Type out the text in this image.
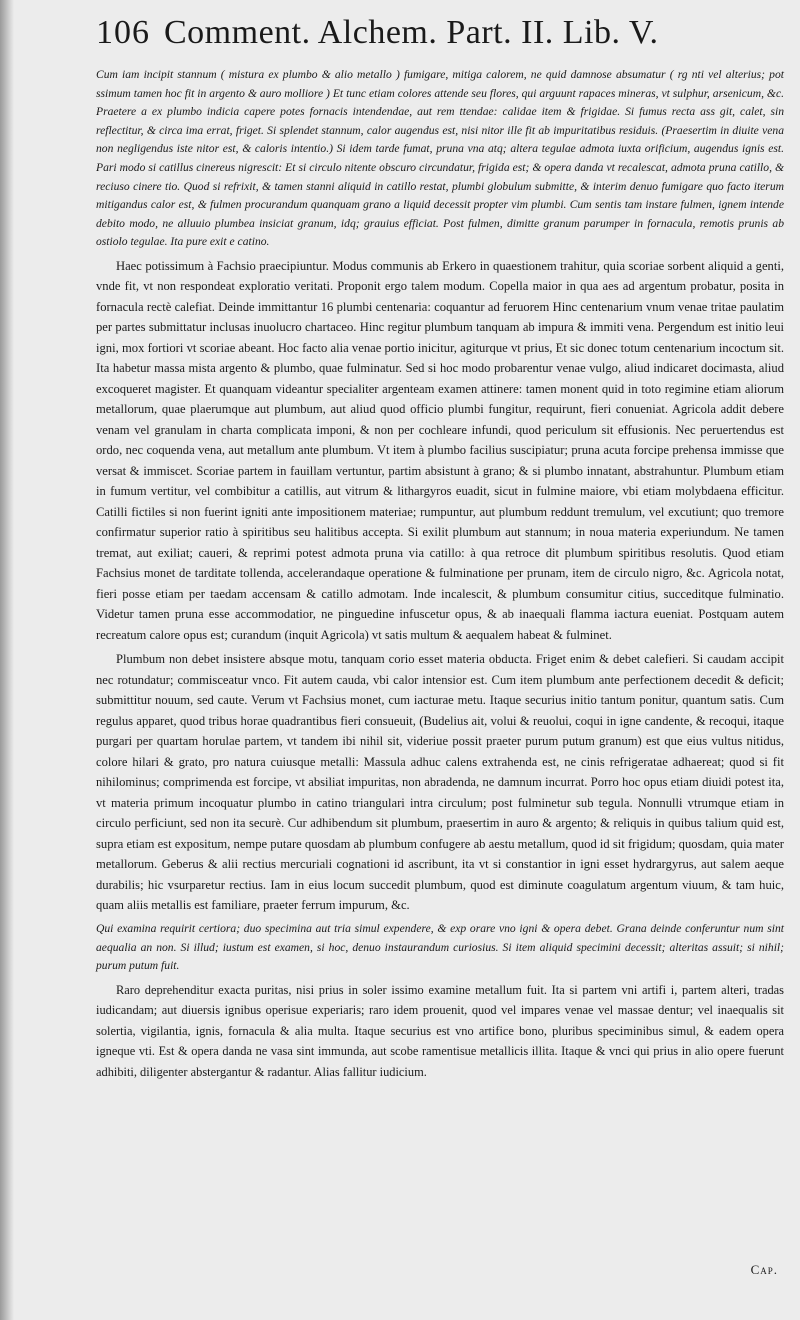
106 Comment. Alchem. Part. II. Lib. V.

Cum iam incipit stannum ( mistura ex plumbo & alio metallo ) fumigare, mitiga calorem, ne quid damnose absumatur ( rg nti vel alterius; pot ssimum tamen hoc fit in argento & auro molliore ) Et tunc etiam colores attende seu flores, qui arguunt rapaces mineras, vt sulphur, arsenicum, &c. Praetere a ex plumbo indicia capere potes fornacis intendendae, aut rem ttendae: calidae item & frigidae. Si fumus recta ass git, calet, sin reflectitur, & circa ima errat, friget. Si splendet stannum, calor augendus est, nisi nitor ille fit ab impuritatibus residuis. (Praesertim in diuite vena non negligendus iste nitor est, & caloris intentio.) Si idem tarde fumat, pruna vna atq; altera tegulae admota iuxta orificium, augendus ignis est. Pari modo si catillus cinereus nigrescit: Et si circulo nitente obscuro circundatur, frigida est; & opera danda vt recalescat, admota pruna catillo, & reciuso cinere tio. Quod si refrixit, & tamen stanni aliquid in catillo restat, plumbi globulum submitte, & interim denuo fumigare quo facto iterum mitigandus calor est, & fulmen procurandum quanquam grano a liquid decessit propter vim plumbi. Cum sentis tam instare fulmen, ignem intende debito modo, ne alluuio plumbea insiciat granum, idq; grauius efficiat. Post fulmen, dimitte granum parumper in fornacula, remotis prunis ab ostiolo tegulae. Ita pure exit e catino.

Haec potissimum à Fachsio praecipiuntur. Modus communis ab Erkero in quaestionem trahitur, quia scoriae sorbent aliquid a genti, vnde fit, vt non respondeat exploratio veritati. Proponit ergo talem modum. Copella maior in qua aes ad argentum probatur, posita in fornacula rectè calefiat. Deinde immittantur 16 plumbi centenaria: coquantur ad feruorem Hinc centenarium vnum venae tritae paulatim per partes submittatur inclusas inuolucro chartaceo. Hinc regitur plumbum tanquam ab impura & immiti vena. Pergendum est initio leui igni, mox fortiori vt scoriae abeant. Hoc facto alia venae portio inicitur, agiturque vt prius, Et sic donec totum centenarium incoctum sit. Ita habetur massa mista argento & plumbo, quae fulminatur. Sed si hoc modo probarentur venae vulgo, aliud indicaret docimasta, aliud excoqueret magister. Et quanquam videantur specialiter argenteam examen attinere: tamen monent quid in toto regimine etiam aliorum metallorum, quae plaerumque aut plumbum, aut aliud quod officio plumbi fungitur, requirunt, fieri conueniat. Agricola addit debere venam vel granulam in charta complicata imponi, & non per cochleare infundi, quod periculum sit effusionis. Nec peruertendus est ordo, nec coquenda vena, aut metallum ante plumbum. Vt item à plumbo facilius suscipiatur; pruna acuta forcipe prehensa immisse que versat & immiscet. Scoriae partem in fauillam vertuntur, partim absistunt à grano; & si plumbo innatant, abstrahuntur. Plumbum etiam in fumum vertitur, vel combibitur a catillis, aut vitrum & lithargyros euadit, sicut in fulmine maiore, vbi etiam molybdaena efficitur. Catilli fictiles si non fuerint igniti ante impositionem materiae; rumpuntur, aut plumbum reddunt tremulum, vel excutiunt; quo tremore confirmatur superior ratio à spiritibus seu halitibus accepta. Si exilit plumbum aut stannum; in noua materia experiundum. Ne tamen tremat, aut exiliat; caueri, & reprimi potest admota pruna via catillo: à qua retroce dit plumbum spiritibus resolutis. Quod etiam Fachsius monet de tarditate tollenda, accelerandaque operatione & fulminatione per prunam, item de circulo nigro, &c. Agricola notat, fieri posse etiam per taedam accensam & catillo admotam. Inde incalescit, & plumbum consumitur citius, succeditque fulminatio. Videtur tamen pruna esse accommodatior, ne pinguedine infuscetur opus, & ab inaequali flamma iactura eueniat. Postquam autem recreatum calore opus est; curandum (inquit Agricola) vt satis multum & aequalem habeat & fulminet.

Plumbum non debet insistere absque motu, tanquam corio esset materia obducta. Friget enim & debet calefieri. Si caudam accipit nec rotundatur; commisceatur vnco. Fit autem cauda, vbi calor intensior est. Cum item plumbum ante perfectionem decedit & deficit; submittitur nouum, sed caute. Verum vt Fachsius monet, cum iacturae metu. Itaque securius initio tantum ponitur, quantum satis. Cum regulus apparet, quod tribus horae quadrantibus fieri consueuit, (Budelius ait, volui & reuolui, coqui in igne candente, & recoqui, itaque purgari per quartam horulae partem, vt tandem ibi nihil sit, videriue possit praeter purum putum granum) est que eius vultus nitidus, colore hilari & grato, pro natura cuiusque metalli: Massula adhuc calens extrahenda est, ne cinis refrigeratae adhaereat; quod si fit nihilominus; comprimenda est forcipe, vt absiliat impuritas, non abradenda, ne damnum incurrat. Porro hoc opus etiam diuidi potest ita, vt materia primum incoquatur plumbo in catino triangulari intra circulum; post fulminetur sub tegula. Nonnulli vtrumque etiam in circulo perficiunt, sed non ita securè. Cur adhibendum sit plumbum, praesertim in auro & argento; & reliquis in quibus talium quid est, supra etiam est expositum, nempe putare quosdam ab plumbum confugere ab aestu metallum, quod id sit frigidum; quosdam, quia mater metallorum. Geberus & alii rectius mercuriali cognationi id ascribunt, ita vt si constantior in igni esset hydrargyrus, aut salem aeque durabilis; hic vsurparetur rectius. Iam in eius locum succedit plumbum, quod est diminute coagulatum argentum viuum, & tam huic, quam aliis metallis est familiare, praeter ferrum impurum, &c.

Qui examina requirit certiora; duo specimina aut tria simul expendere, & exp orare vno igni & opera debet. Grana deinde conferuntur num sint aequalia an non. Si illud; iustum est examen, si hoc, denuo instaurandum curiosius. Si item aliquid specimini decessit; alteritas assuit; si nihil; purum putum fuit.

Raro deprehenditur exacta puritas, nisi prius in soler issimo examine metallum fuit. Ita si partem vni artifi i, partem alteri, tradas iudicandam; aut diuersis ignibus operisue experiaris; raro idem prouenit, quod vel impares venae vel massae dentur; vel inaequalis sit solertia, vigilantia, ignis, fornacula & alia multa. Itaque securius est vno artifice bono, pluribus speciminibus simul, & eadem opera igneque vti. Est & opera danda ne vasa sint immunda, aut scobe ramentisue metallicis illita. Itaque & vnci qui prius in alio opere fuerunt adhibiti, diligenter abstergantur & radantur. Alias fallitur iudicium.

Cap.
